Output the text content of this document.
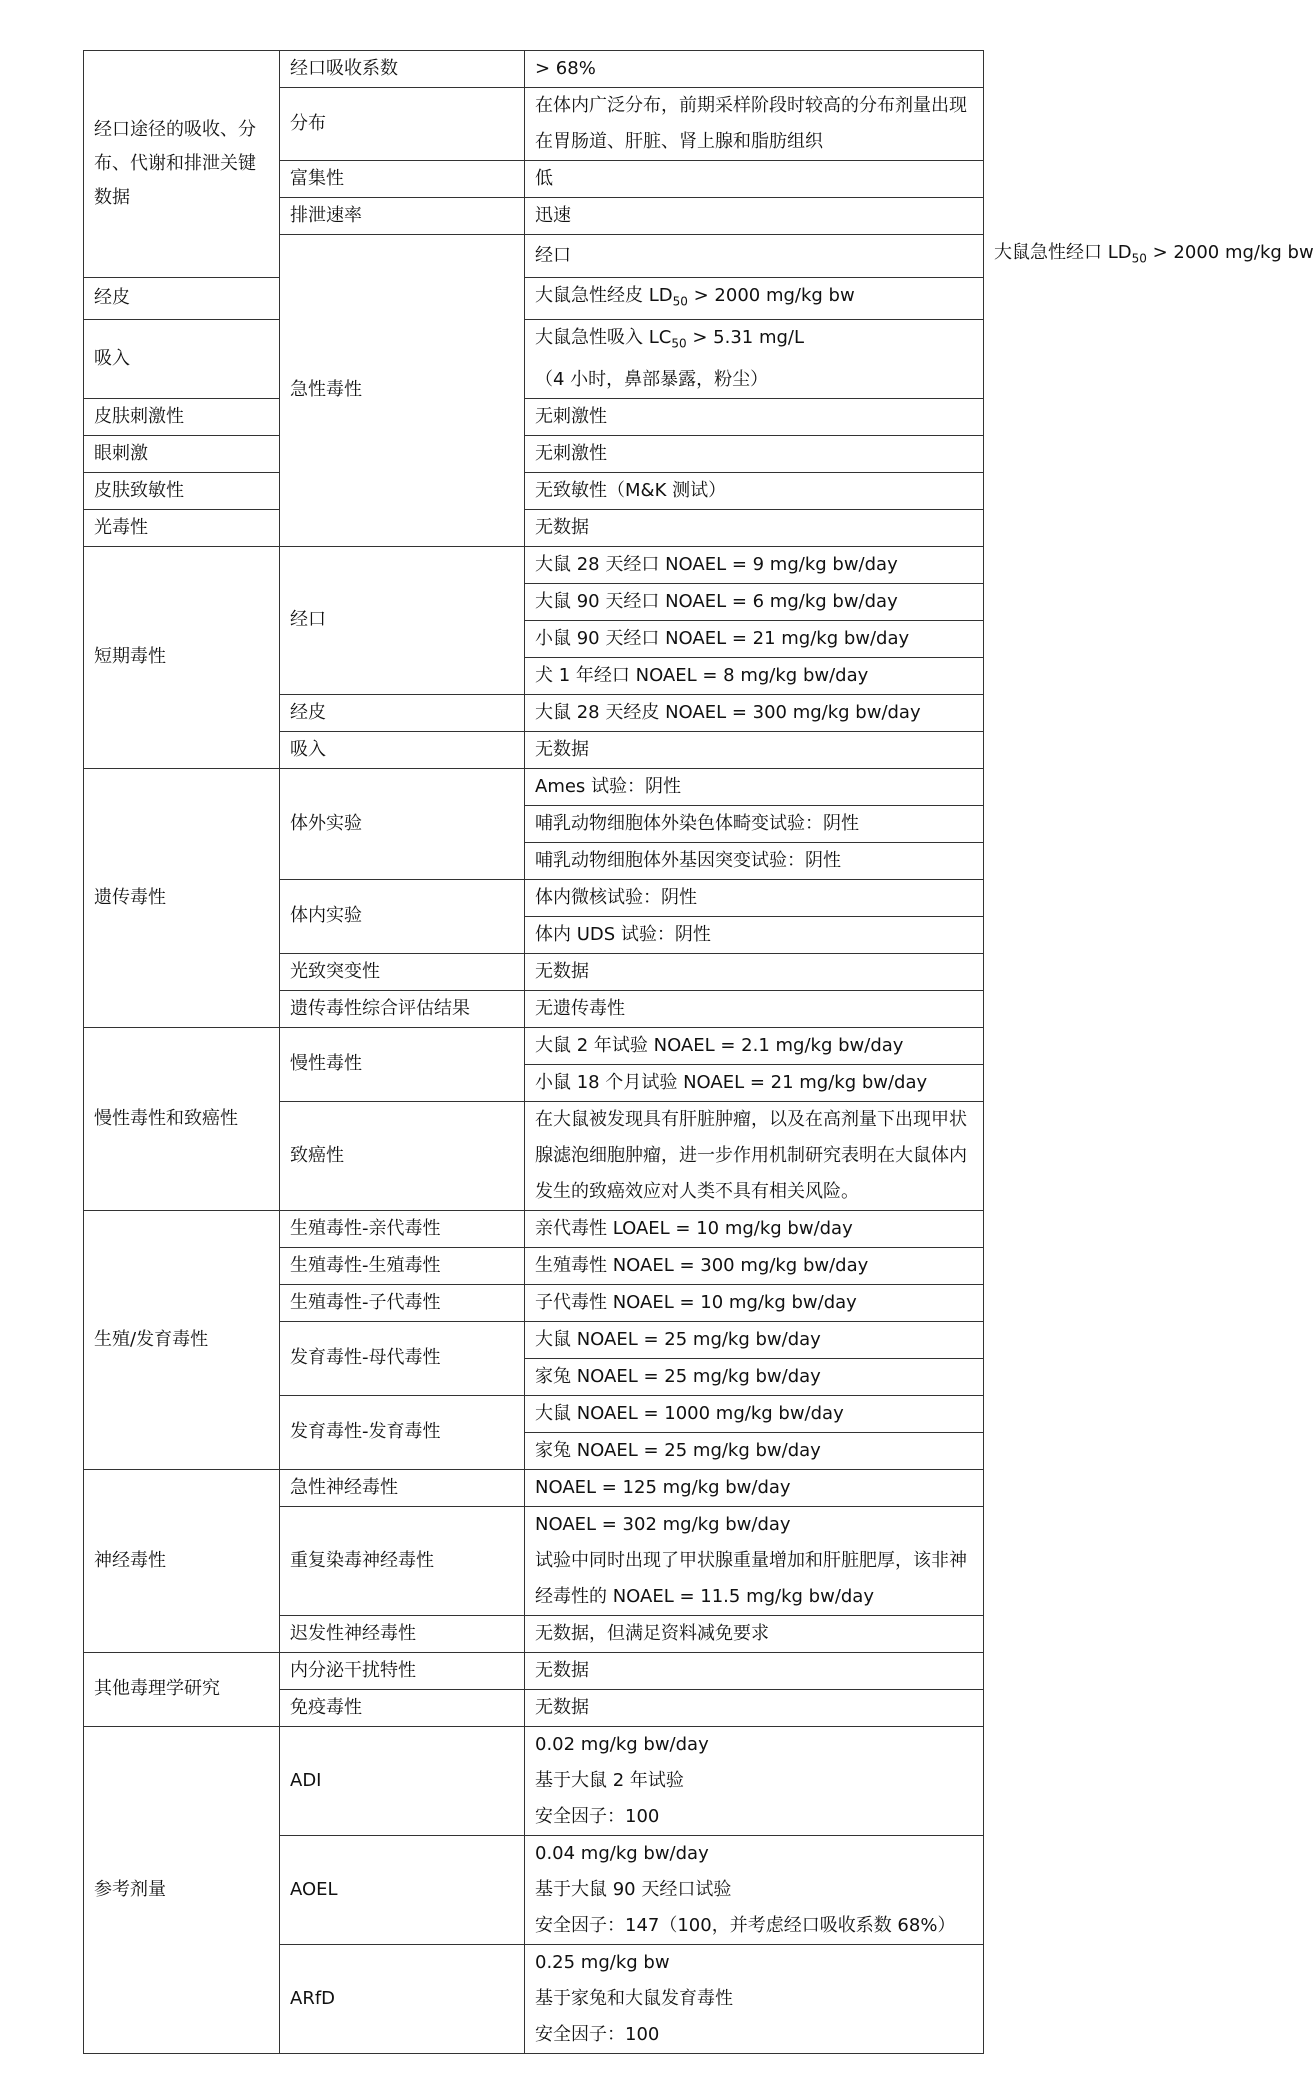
经口途径的吸收、分布、代谢和排泄关键数据	经口吸收系数	> 68%	
	分布	在体内广泛分布，前期采样阶段时较高的分布剂量出现在胃肠道、肝脏、肾上腺和脂肪组织	
	富集性	低	
	排泄速率	迅速	
	急性毒性	经口	大鼠急性经口 $LD_{50} > 2000$ mg/kg bw
经皮		大鼠急性经皮 $LD_{50} > 2000$ mg/kg bw	
吸入		大鼠急性吸入 $LC_{50} > 5.31$ mg/L
（4 小时，鼻部暴露，粉尘）	

皮肤刺激性		无刺激性	
眼刺激		无刺激性	
皮肤致敏性		无致敏性（M&K 测试）	
光毒性		无数据	
短期毒性	经口	大鼠 28 天经口 NOAEL = 9 mg/kg bw/day	
		大鼠 90 天经口 NOAEL = 6 mg/kg bw/day	
		小鼠 90 天经口 NOAEL = 21 mg/kg bw/day	
		犬 1 年经口 NOAEL = 8 mg/kg bw/day	
	经皮	大鼠 28 天经皮 NOAEL = 300 mg/kg bw/day	
	吸入	无数据	
遗传毒性	体外实验	Ames 试验：阴性	
		哺乳动物细胞体外染色体畸变试验：阴性	
		哺乳动物细胞体外基因突变试验：阴性	
	体内实验	体内微核试验：阴性	
		体内 UDS 试验：阴性	
	光致突变性	无数据	
	遗传毒性综合评估结果	无遗传毒性	
慢性毒性和致癌性	慢性毒性	大鼠 2 年试验 NOAEL = 2.1 mg/kg bw/day	
		小鼠 18 个月试验 NOAEL = 21 mg/kg bw/day	
	致癌性	在大鼠被发现具有肝脏肿瘤，以及在高剂量下出现甲状腺滤泡细胞肿瘤，进一步作用机制研究表明在大鼠体内发生的致癌效应对人类不具有相关风险。	
生殖/发育毒性	生殖毒性-亲代毒性	亲代毒性 LOAEL = 10 mg/kg bw/day	
	生殖毒性-生殖毒性	生殖毒性 NOAEL = 300 mg/kg bw/day	
	生殖毒性-子代毒性	子代毒性 NOAEL = 10 mg/kg bw/day	
	发育毒性-母代毒性	大鼠 NOAEL = 25 mg/kg bw/day	
		家兔 NOAEL = 25 mg/kg bw/day	
	发育毒性-发育毒性	大鼠 NOAEL = 1000 mg/kg bw/day	
		家兔 NOAEL = 25 mg/kg bw/day	
神经毒性	急性神经毒性	NOAEL = 125 mg/kg bw/day	
	重复染毒神经毒性	NOAEL = 302 mg/kg bw/day
试验中同时出现了甲状腺重量增加和肝脏肥厚，该非神经毒性的 NOAEL = 11.5 mg/kg bw/day	

	迟发性神经毒性	无数据，但满足资料减免要求	
其他毒理学研究	内分泌干扰特性	无数据	
	免疫毒性	无数据	
参考剂量	ADI	0.02 mg/kg bw/day
基于大鼠 2 年试验
安全因子：100	

	AOEL	0.04 mg/kg bw/day
基于大鼠 90 天经口试验
安全因子：147（100，并考虑经口吸收系数 68%）	

	ARfD	0.25 mg/kg bw
基于家兔和大鼠发育毒性
安全因子：100	
